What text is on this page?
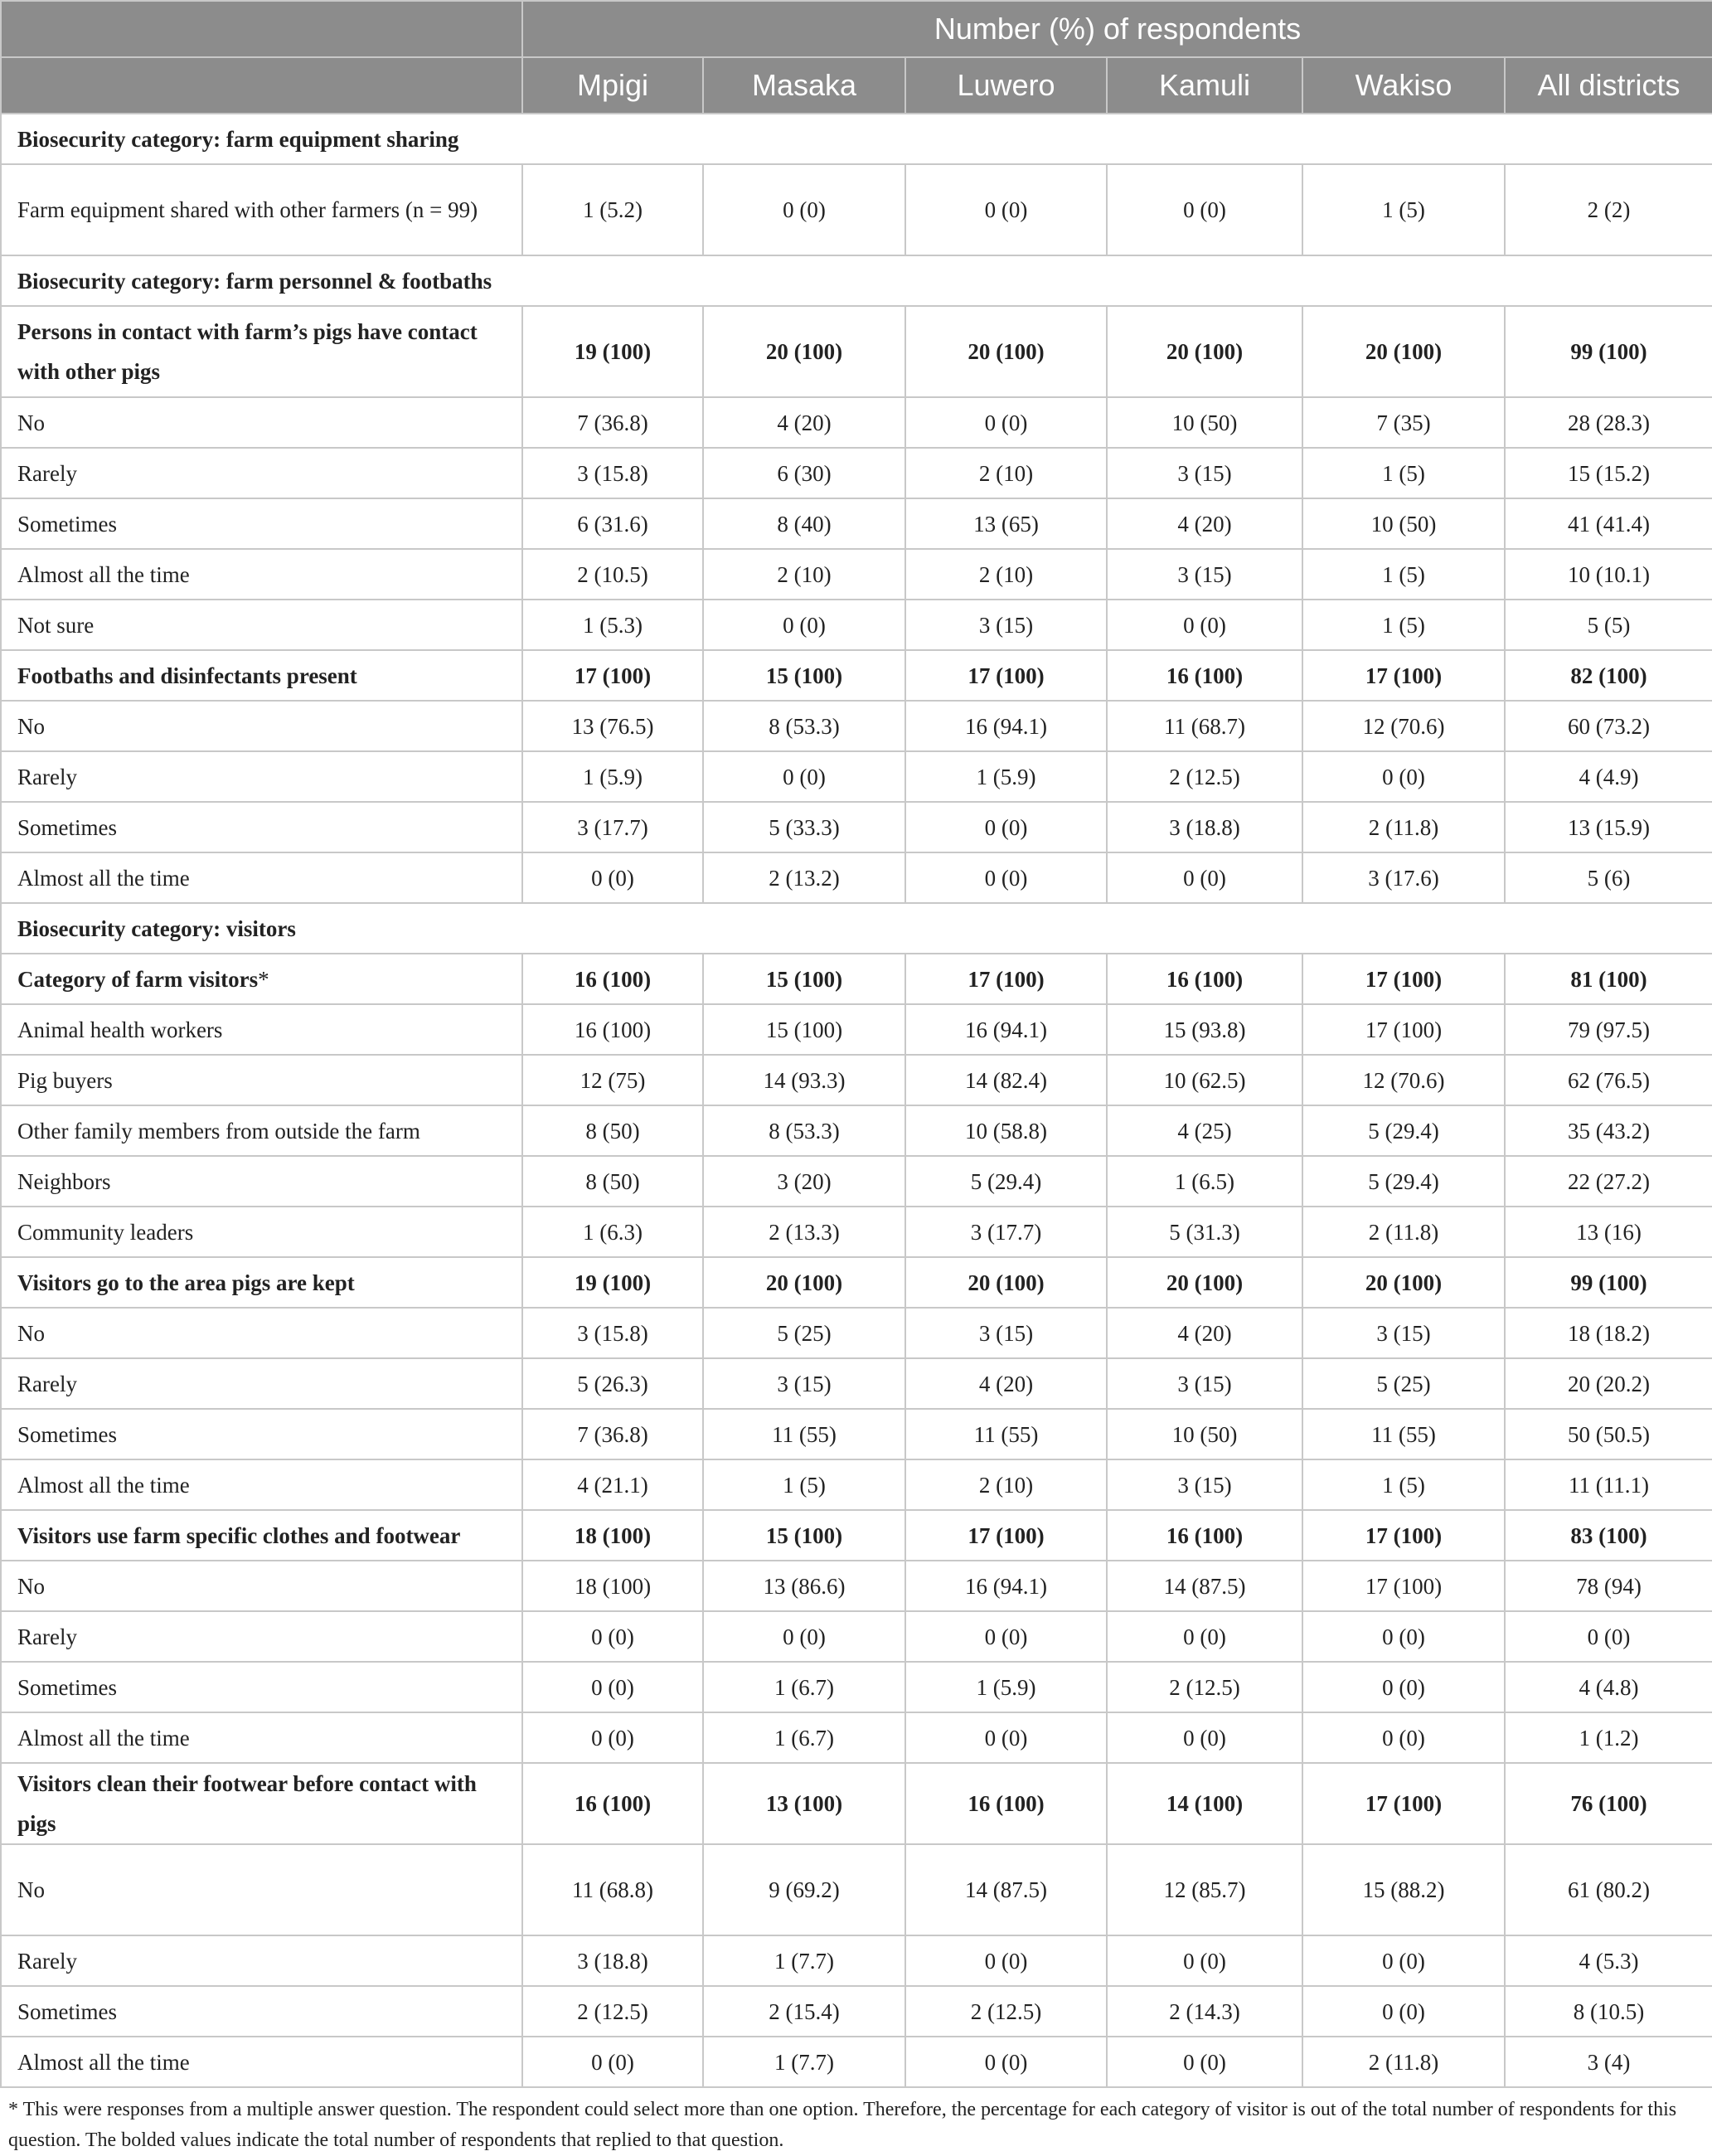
	Number (%) of respondents					
	Mpigi	Masaka	Luwero	Kamuli	Wakiso	All districts
Biosecurity category: farm equipment sharing						
Farm equipment shared with other farmers (n = 99)	1 (5.2)	0 (0)	0 (0)	0 (0)	1 (5)	2 (2)
Biosecurity category: farm personnel & footbaths						
Persons in contact with farm’s pigs have contact with other pigs	19 (100)	20 (100)	20 (100)	20 (100)	20 (100)	99 (100)
No	7 (36.8)	4 (20)	0 (0)	10 (50)	7 (35)	28 (28.3)
Rarely	3 (15.8)	6 (30)	2 (10)	3 (15)	1 (5)	15 (15.2)
Sometimes	6 (31.6)	8 (40)	13 (65)	4 (20)	10 (50)	41 (41.4)
Almost all the time	2 (10.5)	2 (10)	2 (10)	3 (15)	1 (5)	10 (10.1)
Not sure	1 (5.3)	0 (0)	3 (15)	0 (0)	1 (5)	5 (5)
Footbaths and disinfectants present	17 (100)	15 (100)	17 (100)	16 (100)	17 (100)	82 (100)
No	13 (76.5)	8 (53.3)	16 (94.1)	11 (68.7)	12 (70.6)	60 (73.2)
Rarely	1 (5.9)	0 (0)	1 (5.9)	2 (12.5)	0 (0)	4 (4.9)
Sometimes	3 (17.7)	5 (33.3)	0 (0)	3 (18.8)	2 (11.8)	13 (15.9)
Almost all the time	0 (0)	2 (13.2)	0 (0)	0 (0)	3 (17.6)	5 (6)
Biosecurity category: visitors						
Category of farm visitors*	16 (100)	15 (100)	17 (100)	16 (100)	17 (100)	81 (100)
Animal health workers	16 (100)	15 (100)	16 (94.1)	15 (93.8)	17 (100)	79 (97.5)
Pig buyers	12 (75)	14 (93.3)	14 (82.4)	10 (62.5)	12 (70.6)	62 (76.5)
Other family members from outside the farm	8 (50)	8 (53.3)	10 (58.8)	4 (25)	5 (29.4)	35 (43.2)
Neighbors	8 (50)	3 (20)	5 (29.4)	1 (6.5)	5 (29.4)	22 (27.2)
Community leaders	1 (6.3)	2 (13.3)	3 (17.7)	5 (31.3)	2 (11.8)	13 (16)
Visitors go to the area pigs are kept	19 (100)	20 (100)	20 (100)	20 (100)	20 (100)	99 (100)
No	3 (15.8)	5 (25)	3 (15)	4 (20)	3 (15)	18 (18.2)
Rarely	5 (26.3)	3 (15)	4 (20)	3 (15)	5 (25)	20 (20.2)
Sometimes	7 (36.8)	11 (55)	11 (55)	10 (50)	11 (55)	50 (50.5)
Almost all the time	4 (21.1)	1 (5)	2 (10)	3 (15)	1 (5)	11 (11.1)
Visitors use farm specific clothes and footwear	18 (100)	15 (100)	17 (100)	16 (100)	17 (100)	83 (100)
No	18 (100)	13 (86.6)	16 (94.1)	14 (87.5)	17 (100)	78 (94)
Rarely	0 (0)	0 (0)	0 (0)	0 (0)	0 (0)	0 (0)
Sometimes	0 (0)	1 (6.7)	1 (5.9)	2 (12.5)	0 (0)	4 (4.8)
Almost all the time	0 (0)	1 (6.7)	0 (0)	0 (0)	0 (0)	1 (1.2)
Visitors clean their footwear before contact with pigs	16 (100)	13 (100)	16 (100)	14 (100)	17 (100)	76 (100)
No	11 (68.8)	9 (69.2)	14 (87.5)	12 (85.7)	15 (88.2)	61 (80.2)
Rarely	3 (18.8)	1 (7.7)	0 (0)	0 (0)	0 (0)	4 (5.3)
Sometimes	2 (12.5)	2 (15.4)	2 (12.5)	2 (14.3)	0 (0)	8 (10.5)
Almost all the time	0 (0)	1 (7.7)	0 (0)	0 (0)	2 (11.8)	3 (4)
* This were responses from a multiple answer question. The respondent could select more than one option. Therefore, the percentage for each category of visitor is out of the total number of respondents for this question. The bolded values indicate the total number of respondents that replied to that question.
